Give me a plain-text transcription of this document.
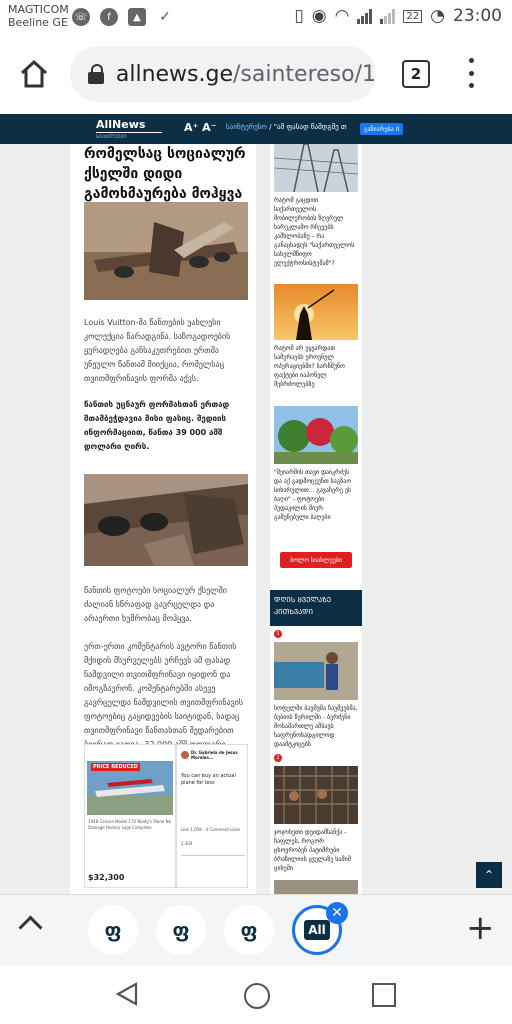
MAGTICOM
Beeline GE ☏	f	▲	✓	▯ ◉ ◠	22 ◔ 23:00
allnews.ge/saintereso/1	2
AllNews
ᲡᲘᲐᲮᲚᲔᲔᲑᲘ
A⁺ A⁻ საინტერესო / "ამ ფასად წამდგმე თ	გაზიარება 0
რომელსაც სოციალურ ქსელში დიდი გამოხმაურება მოჰყვა
Louis Vuitton-მა წანთების უახლესი კოლექცია წარადგინა. საზოგადოების ყურადღება განსაკუთრებით ერთმა უნეულო წანთამ მიიქცია, რომელსაც თვითმფრინავის ფორმა აქვს.
წანთის უცნაურ ფორმასთან ერთად შთამბეჭდავია მისი ფასიც. მედიის ინფორმაციით, წანთა 39 000 აშშ დოლარი ღირს.
წანთის ფოტოები სოციალურ ქსელში ძალიან სწრაფად გავრცელდა და არაერთი ხუმრობაც მოჰყვა.
ერთ-ერთი კომენტარის ავტორი წანთის მქიდის მსურველებს ურჩევს ამ ფასად ნამდვილი თვითმფრინავი იყიდონ და იმოგზაურონ. კომენტარებში ასევე გავრცელდა ნამდვილის თვითმფრინავის ფოტოებიც გაყიდვების საიტიდან, სადაც თვითმფრინავი წანთასთან შედარებით
PRICE REDUCED
1948 Cessna Model 170 Beaty's Plane No Damage History Logs Complete
$32,300
Dr. Gabriela de Jesus Morales...
You can buy an actual plane for less
Like 1,058 · 4 Comment Likes
2,304
რატომ გაცდით საქართველოს მობილურობის ზღვრულ სარეკლამო რჩევებს კაშხლობაზე – რა განაცხადეს "საქართველოს სახელმწიფო ელექტროსისტემამ"?
რატომ არ უყვარდათ სამურაებს ეროვნულ ოპერაციებში? სარწმუნო ფაქტები იაპონელ მებრძოლებზე
"შეიარმის თავი დაიკრძეს და აქ გადმოცეუნთ საგზაო სიხარულით... გავაჩერე ეს ბაღი" - ფოტოები პუდაკილის მიერ გაშენებული ბაღები
ბოლო სიახლეები
ᲓᲦᲘᲡ ᲧᲕᲔᲚᲐᲖᲔ ᲙᲘᲗᲮᲕᲐᲓᲘ
1
სოფელში ბავშვმა ჩაუშვებმა, ბებიის წერილში - ბერძენი მოსამართლე ამბავს საფრენოსადგილოდ დაამტკიცებს
2
ჯოჯოხეთი დეიდამსანქა - ჩაფლეს, როგორ ცხოვრობენ პატიმრები ბრაზილიის ყველაზე საშიშ ციხეში	⌃
ფ	ფ	ფ	All	+
✕
